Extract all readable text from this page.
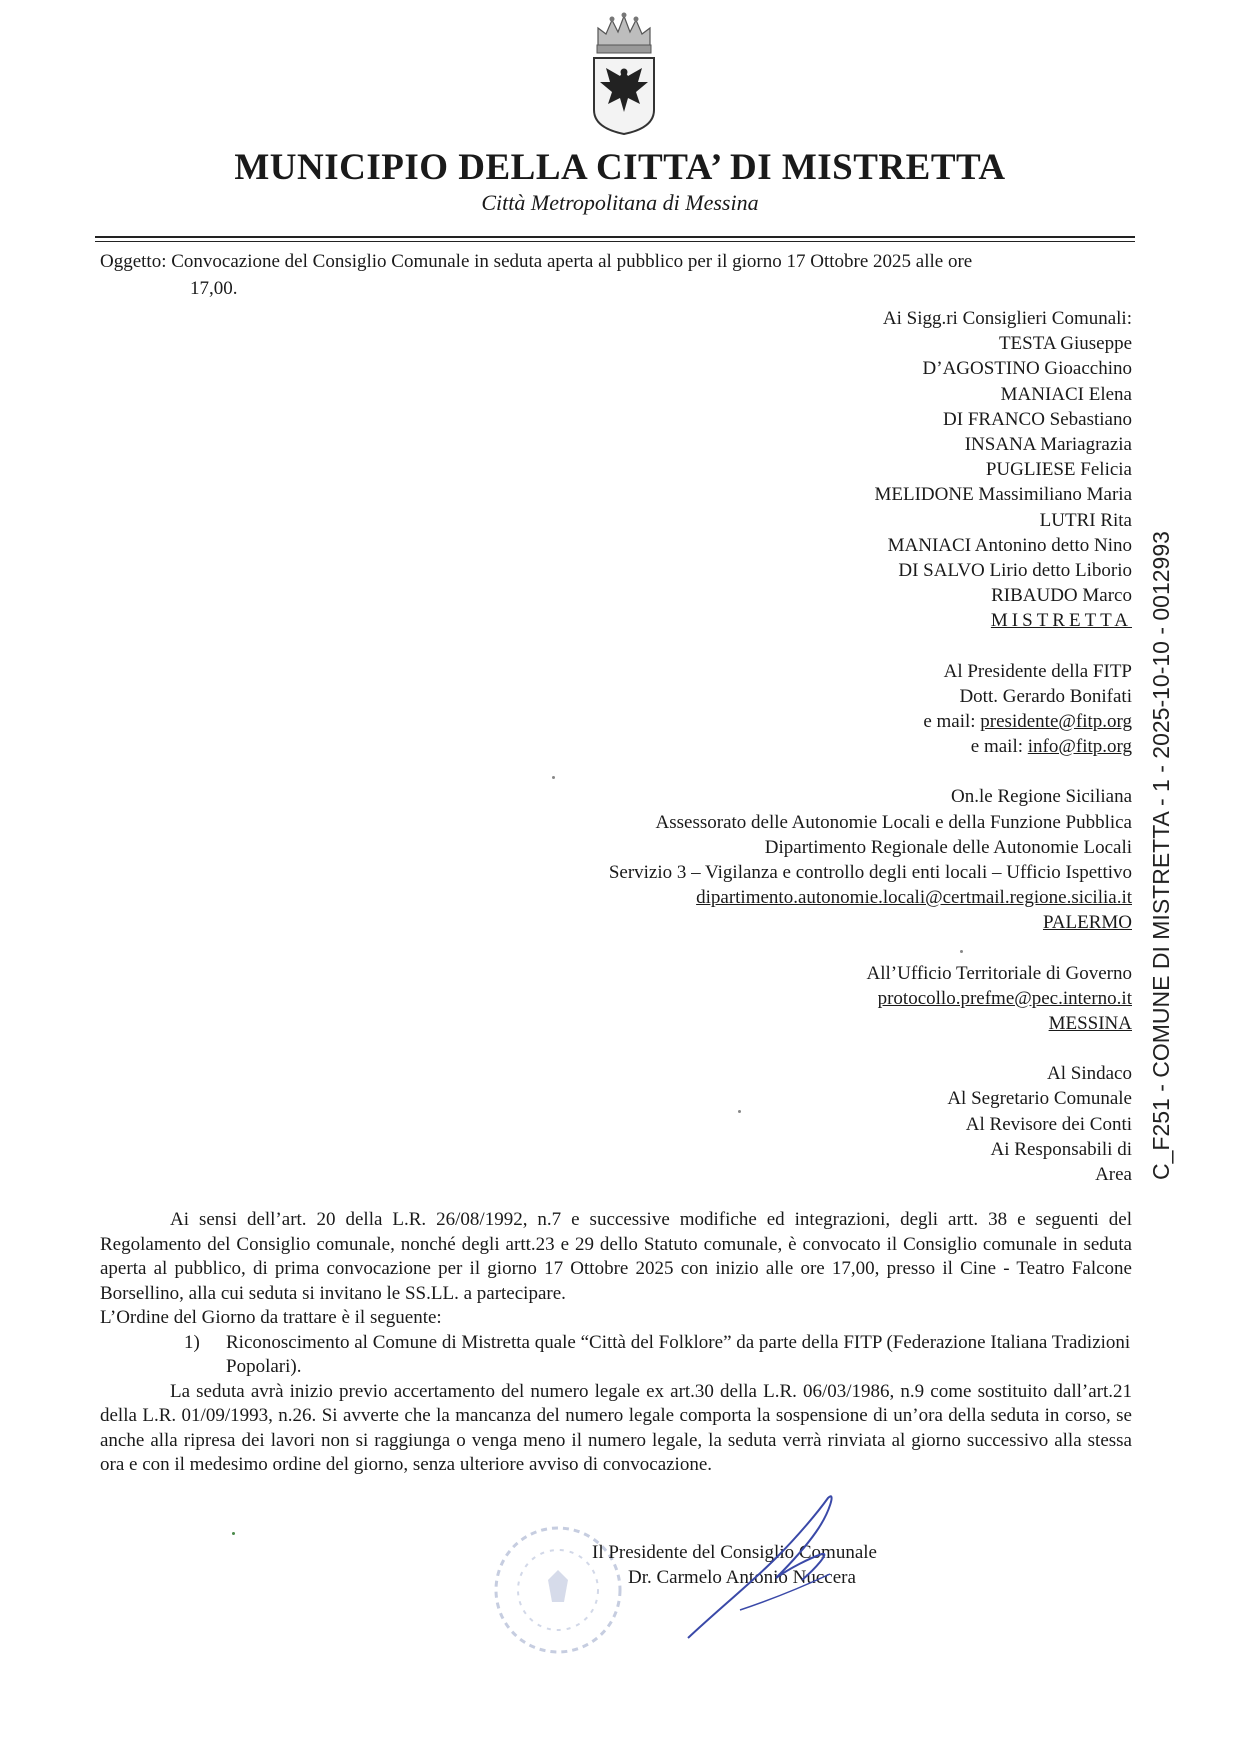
MUNICIPIO DELLA CITTA’ DI MISTRETTA

Città Metropolitana di Messina

Oggetto: Convocazione del Consiglio Comunale in seduta aperta al pubblico per il giorno 17 Ottobre 2025 alle ore
17,00.
Ai Sigg.ri Consiglieri Comunali:
TESTA Giuseppe
D’AGOSTINO Gioacchino
MANIACI Elena
DI FRANCO Sebastiano
INSANA Mariagrazia
PUGLIESE Felicia
MELIDONE Massimiliano Maria
LUTRI Rita
MANIACI Antonino detto Nino
DI SALVO Lirio detto Liborio
RIBAUDO Marco
MISTRETTA
Al Presidente della FITP
Dott. Gerardo Bonifati
e mail: presidente@fitp.org
e mail: info@fitp.org
On.le Regione Siciliana
Assessorato delle Autonomie Locali e della Funzione Pubblica
Dipartimento Regionale delle Autonomie Locali
Servizio 3 – Vigilanza e controllo degli enti locali – Ufficio Ispettivo
dipartimento.autonomie.locali@certmail.regione.sicilia.it
PALERMO
All’Ufficio Territoriale di Governo
protocollo.prefme@pec.interno.it
MESSINA
Al Sindaco
Al Segretario Comunale
Al Revisore dei Conti
Ai Responsabili di
Area

Ai sensi dell’art. 20 della L.R. 26/08/1992, n.7 e successive modifiche ed integrazioni, degli artt. 38 e seguenti del Regolamento del Consiglio comunale, nonché degli artt.23 e 29 dello Statuto comunale, è convocato il Consiglio comunale in seduta aperta al pubblico, di prima convocazione per il giorno 17 Ottobre 2025 con inizio alle ore 17,00, presso il Cine - Teatro Falcone Borsellino, alla cui seduta si invitano le SS.LL. a partecipare.

L’Ordine del Giorno da trattare è il seguente:

1)	Riconoscimento al Comune di Mistretta quale “Città del Folklore” da parte della FITP (Federazione Italiana Tradizioni Popolari).

La seduta avrà inizio previo accertamento del numero legale ex art.30 della L.R. 06/03/1986, n.9 come sostituito dall’art.21 della L.R. 01/09/1993, n.26. Si avverte che la mancanza del numero legale comporta la sospensione di un’ora della seduta in corso, se anche alla ripresa dei lavori non si raggiunga o venga meno il numero legale, la seduta verrà rinviata al giorno successivo alla stessa ora e con il medesimo ordine del giorno, senza ulteriore avviso di convocazione.

Il Presidente del Consiglio Comunale
Dr. Carmelo Antonio Nuccera
C_F251 - COMUNE DI MISTRETTA - 1 - 2025-10-10 - 0012993
